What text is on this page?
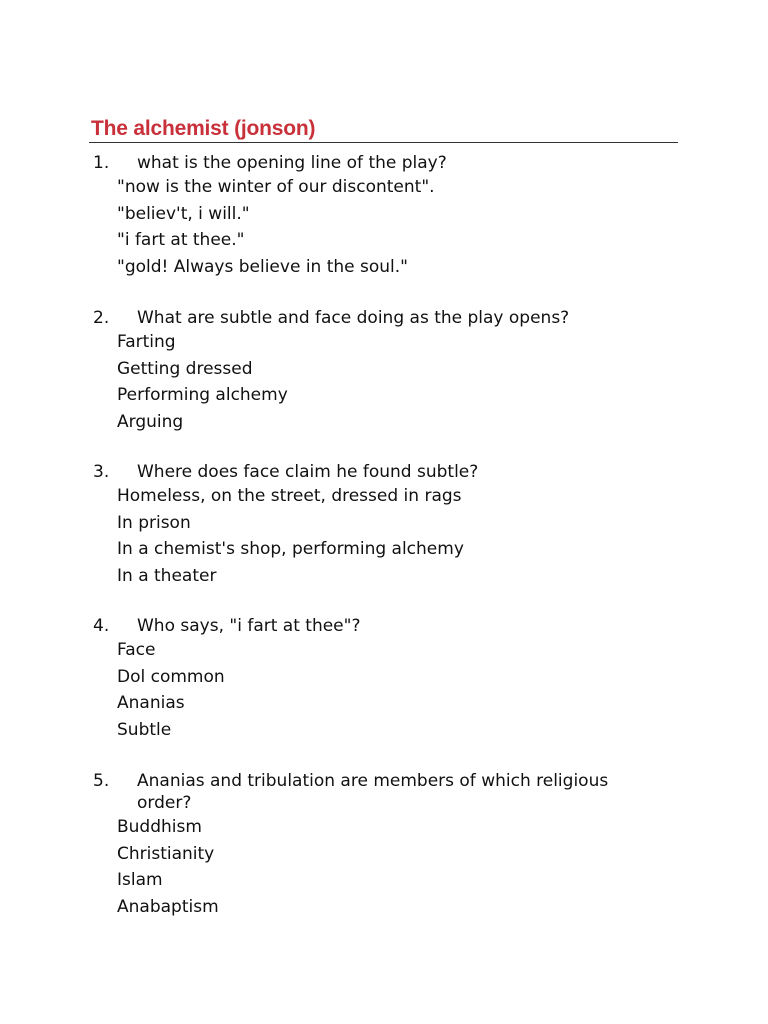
The alchemist (jonson)
1.	what is the opening line of the play?
"now is the winter of our discontent".
"believ't, i will."
"i fart at thee."
"gold! Always believe in the soul."
2.	What are subtle and face doing as the play opens?
Farting
Getting dressed
Performing alchemy
Arguing
3.	Where does face claim he found subtle?
Homeless, on the street, dressed in rags
In prison
In a chemist's shop, performing alchemy
In a theater
4.	Who says, "i fart at thee"?
Face
Dol common
Ananias
Subtle
5.	Ananias and tribulation are members of which religious order?
Buddhism
Christianity
Islam
Anabaptism
